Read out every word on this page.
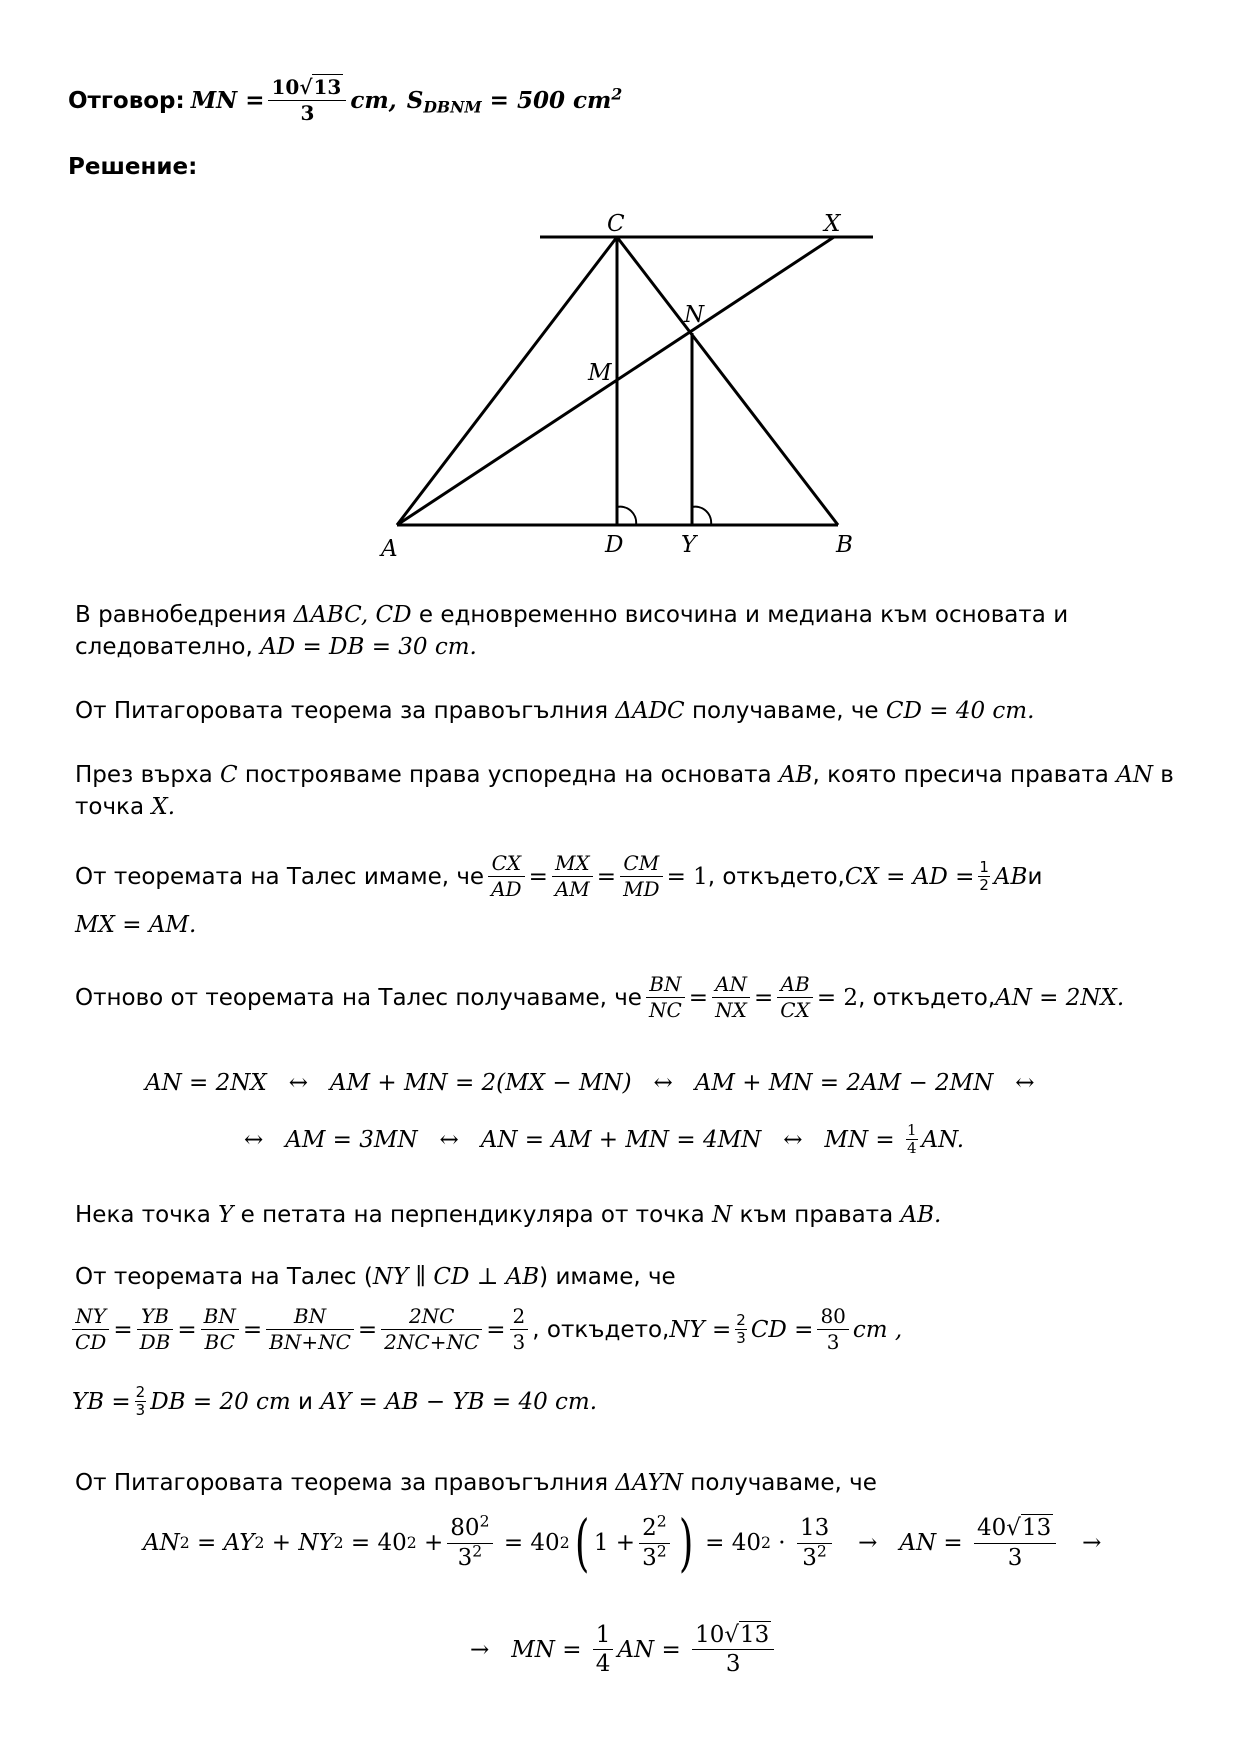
Отговор: MN = $\frac{10√13}{3}$ cm, $S_{DBNM} = 500$ $cm^2$
Решение:
C	X
N
M
A	D	Y	B
В равнобедрения ΔABC, CD е едновременно височина и медиана към основата и
следователно, AD = DB = 30 cm.
От Питагоровата теорема за правоъгълния ΔADC получаваме, че CD = 40 cm.
През върха C построяваме права успоредна на основата AB, която пресича правата AN в
точка X.
От теоремата на Талес имаме, че $\frac{CX}{AD} = \frac{MX}{AM} = \frac{CM}{MD} = 1$ , откъдето, CX = AD = $\frac{1}{2}$ AB и
MX = AM.
Отново от теоремата на Талес получаваме, че $\frac{BN}{NC} = \frac{AN}{NX} = \frac{AB}{CX} = 2$ , откъдето, AN = 2NX.
AN = 2NX   ↔   AM + MN = 2(MX − MN)   ↔   AM + MN = 2AM − 2MN   ↔
↔   AM = 3MN   ↔   AN = AM + MN = 4MN   ↔   MN = $\frac{1}{4}$ AN.
Нека точка Y е петата на перпендикуляра от точка N към правата AB.
От теоремата на Талес (NY ∥ CD ⊥ AB) имаме, че
$\frac{NY}{CD} = \frac{YB}{DB} = \frac{BN}{BC} = \frac{BN}{BN+NC} = \frac{2NC}{2NC+NC} = \frac{2}{3}$ , откъдето, NY = $\frac{2}{3}$ CD = $\frac{80}{3}$ cm ,
YB = $\frac{2}{3}$ DB = 20 cm и AY = AB − YB = 40 cm.
От Питагоровата теорема за правоъгълния ΔAYN получаваме, че
AN 2 = AY 2 + NY 2 = 40 $2 + \frac{80^2}{3^2} = 40$ 2 ( $1 + \frac{2^2}{3^2}$ ) = 40 $2 \cdot \frac{13}{3^2}$ → AN = $\frac{40√13}{3}$ →
→   MN = $\frac{1}{4}$ AN = $\frac{10√13}{3}$
